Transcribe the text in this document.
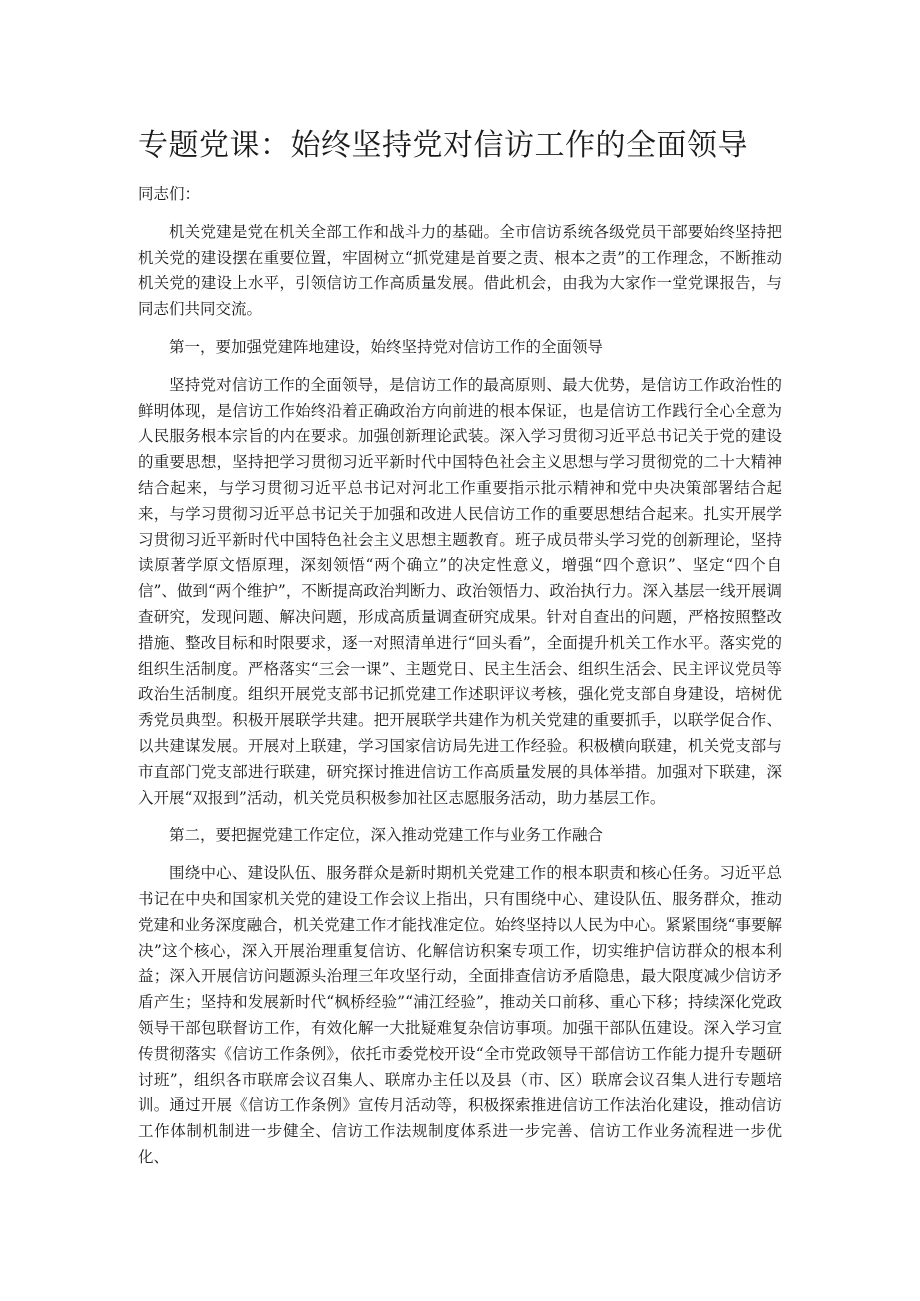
专题党课：始终坚持党对信访工作的全面领导

同志们：

机关党建是党在机关全部工作和战斗力的基础。全市信访系统各级党员干部要始终坚持把机关党的建设摆在重要位置，牢固树立“抓党建是首要之责、根本之责”的工作理念，不断推动机关党的建设上水平，引领信访工作高质量发展。借此机会，由我为大家作一堂党课报告，与同志们共同交流。

第一，要加强党建阵地建设，始终坚持党对信访工作的全面领导

坚持党对信访工作的全面领导，是信访工作的最高原则、最大优势，是信访工作政治性的鲜明体现，是信访工作始终沿着正确政治方向前进的根本保证，也是信访工作践行全心全意为人民服务根本宗旨的内在要求。加强创新理论武装。深入学习贯彻习近平总书记关于党的建设的重要思想，坚持把学习贯彻习近平新时代中国特色社会主义思想与学习贯彻党的二十大精神结合起来，与学习贯彻习近平总书记对河北工作重要指示批示精神和党中央决策部署结合起来，与学习贯彻习近平总书记关于加强和改进人民信访工作的重要思想结合起来。扎实开展学习贯彻习近平新时代中国特色社会主义思想主题教育。班子成员带头学习党的创新理论，坚持读原著学原文悟原理，深刻领悟“两个确立”的决定性意义，增强“四个意识”、坚定“四个自信”、做到“两个维护”，不断提高政治判断力、政治领悟力、政治执行力。深入基层一线开展调查研究，发现问题、解决问题，形成高质量调查研究成果。针对自查出的问题，严格按照整改措施、整改目标和时限要求，逐一对照清单进行“回头看”，全面提升机关工作水平。落实党的组织生活制度。严格落实“三会一课”、主题党日、民主生活会、组织生活会、民主评议党员等政治生活制度。组织开展党支部书记抓党建工作述职评议考核，强化党支部自身建设，培树优秀党员典型。积极开展联学共建。把开展联学共建作为机关党建的重要抓手，以联学促合作、以共建谋发展。开展对上联建，学习国家信访局先进工作经验。积极横向联建，机关党支部与市直部门党支部进行联建，研究探讨推进信访工作高质量发展的具体举措。加强对下联建，深入开展“双报到”活动，机关党员积极参加社区志愿服务活动，助力基层工作。

第二，要把握党建工作定位，深入推动党建工作与业务工作融合

围绕中心、建设队伍、服务群众是新时期机关党建工作的根本职责和核心任务。习近平总书记在中央和国家机关党的建设工作会议上指出，只有围绕中心、建设队伍、服务群众，推动党建和业务深度融合，机关党建工作才能找准定位。始终坚持以人民为中心。紧紧围绕“事要解决”这个核心，深入开展治理重复信访、化解信访积案专项工作，切实维护信访群众的根本利益；深入开展信访问题源头治理三年攻坚行动，全面排查信访矛盾隐患，最大限度减少信访矛盾产生；坚持和发展新时代“枫桥经验”“浦江经验”，推动关口前移、重心下移；持续深化党政领导干部包联督访工作，有效化解一大批疑难复杂信访事项。加强干部队伍建设。深入学习宣传贯彻落实《信访工作条例》，依托市委党校开设“全市党政领导干部信访工作能力提升专题研讨班”，组织各市联席会议召集人、联席办主任以及县（市、区）联席会议召集人进行专题培训。通过开展《信访工作条例》宣传月活动等，积极探索推进信访工作法治化建设，推动信访工作体制机制进一步健全、信访工作法规制度体系进一步完善、信访工作业务流程进一步优化、
